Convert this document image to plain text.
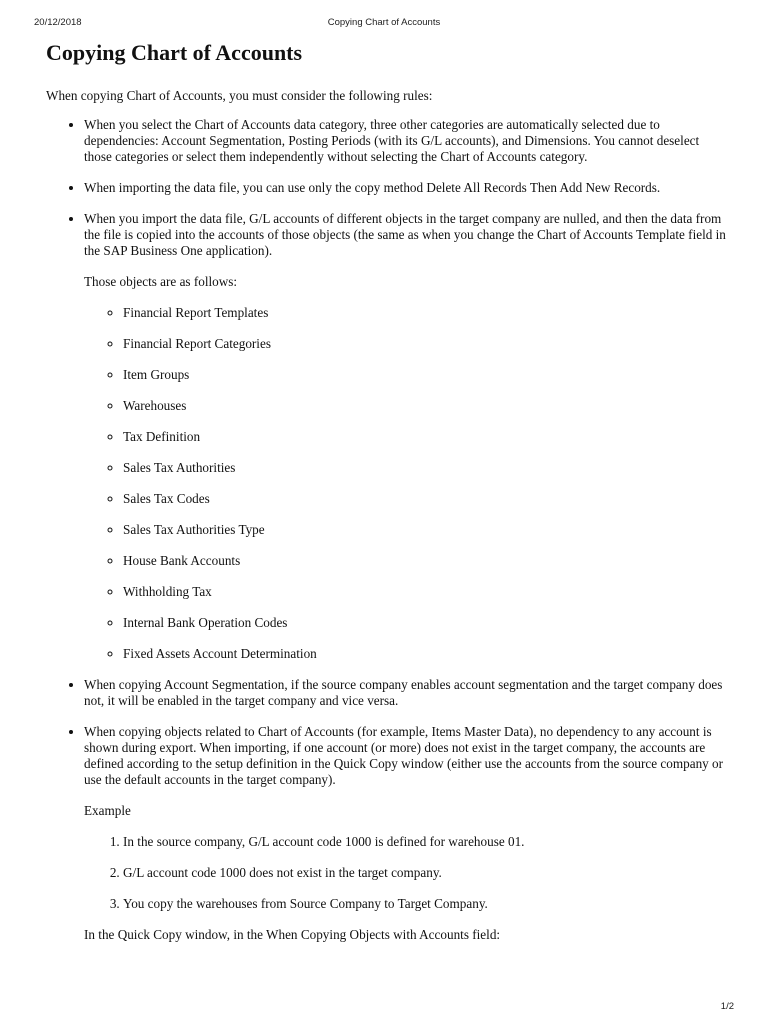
20/12/2018	Copying Chart of Accounts
Copying Chart of Accounts

When copying Chart of Accounts, you must consider the following rules:

• When you select the Chart of Accounts data category, three other categories are automatically selected due to dependencies: Account Segmentation, Posting Periods (with its G/L accounts), and Dimensions. You cannot deselect those categories or select them independently without selecting the Chart of Accounts category.
• When importing the data file, you can use only the copy method Delete All Records Then Add New Records.
• When you import the data file, G/L accounts of different objects in the target company are nulled, and then the data from the file is copied into the accounts of those objects (the same as when you change the Chart of Accounts Template field in the SAP Business One application).

Those objects are as follows:

◦ Financial Report Templates
◦ Financial Report Categories
◦ Item Groups
◦ Warehouses
◦ Tax Definition
◦ Sales Tax Authorities
◦ Sales Tax Codes
◦ Sales Tax Authorities Type
◦ House Bank Accounts
◦ Withholding Tax
◦ Internal Bank Operation Codes
◦ Fixed Assets Account Determination
• When copying Account Segmentation, if the source company enables account segmentation and the target company does not, it will be enabled in the target company and vice versa.
• When copying objects related to Chart of Accounts (for example, Items Master Data), no dependency to any account is shown during export. When importing, if one account (or more) does not exist in the target company, the accounts are defined according to the setup definition in the Quick Copy window (either use the accounts from the source company or use the default accounts in the target company).

Example

1. In the source company, G/L account code 1000 is defined for warehouse 01.
2. G/L account code 1000 does not exist in the target company.
3. You copy the warehouses from Source Company to Target Company.

In the Quick Copy window, in the When Copying Objects with Accounts field:

1/2
